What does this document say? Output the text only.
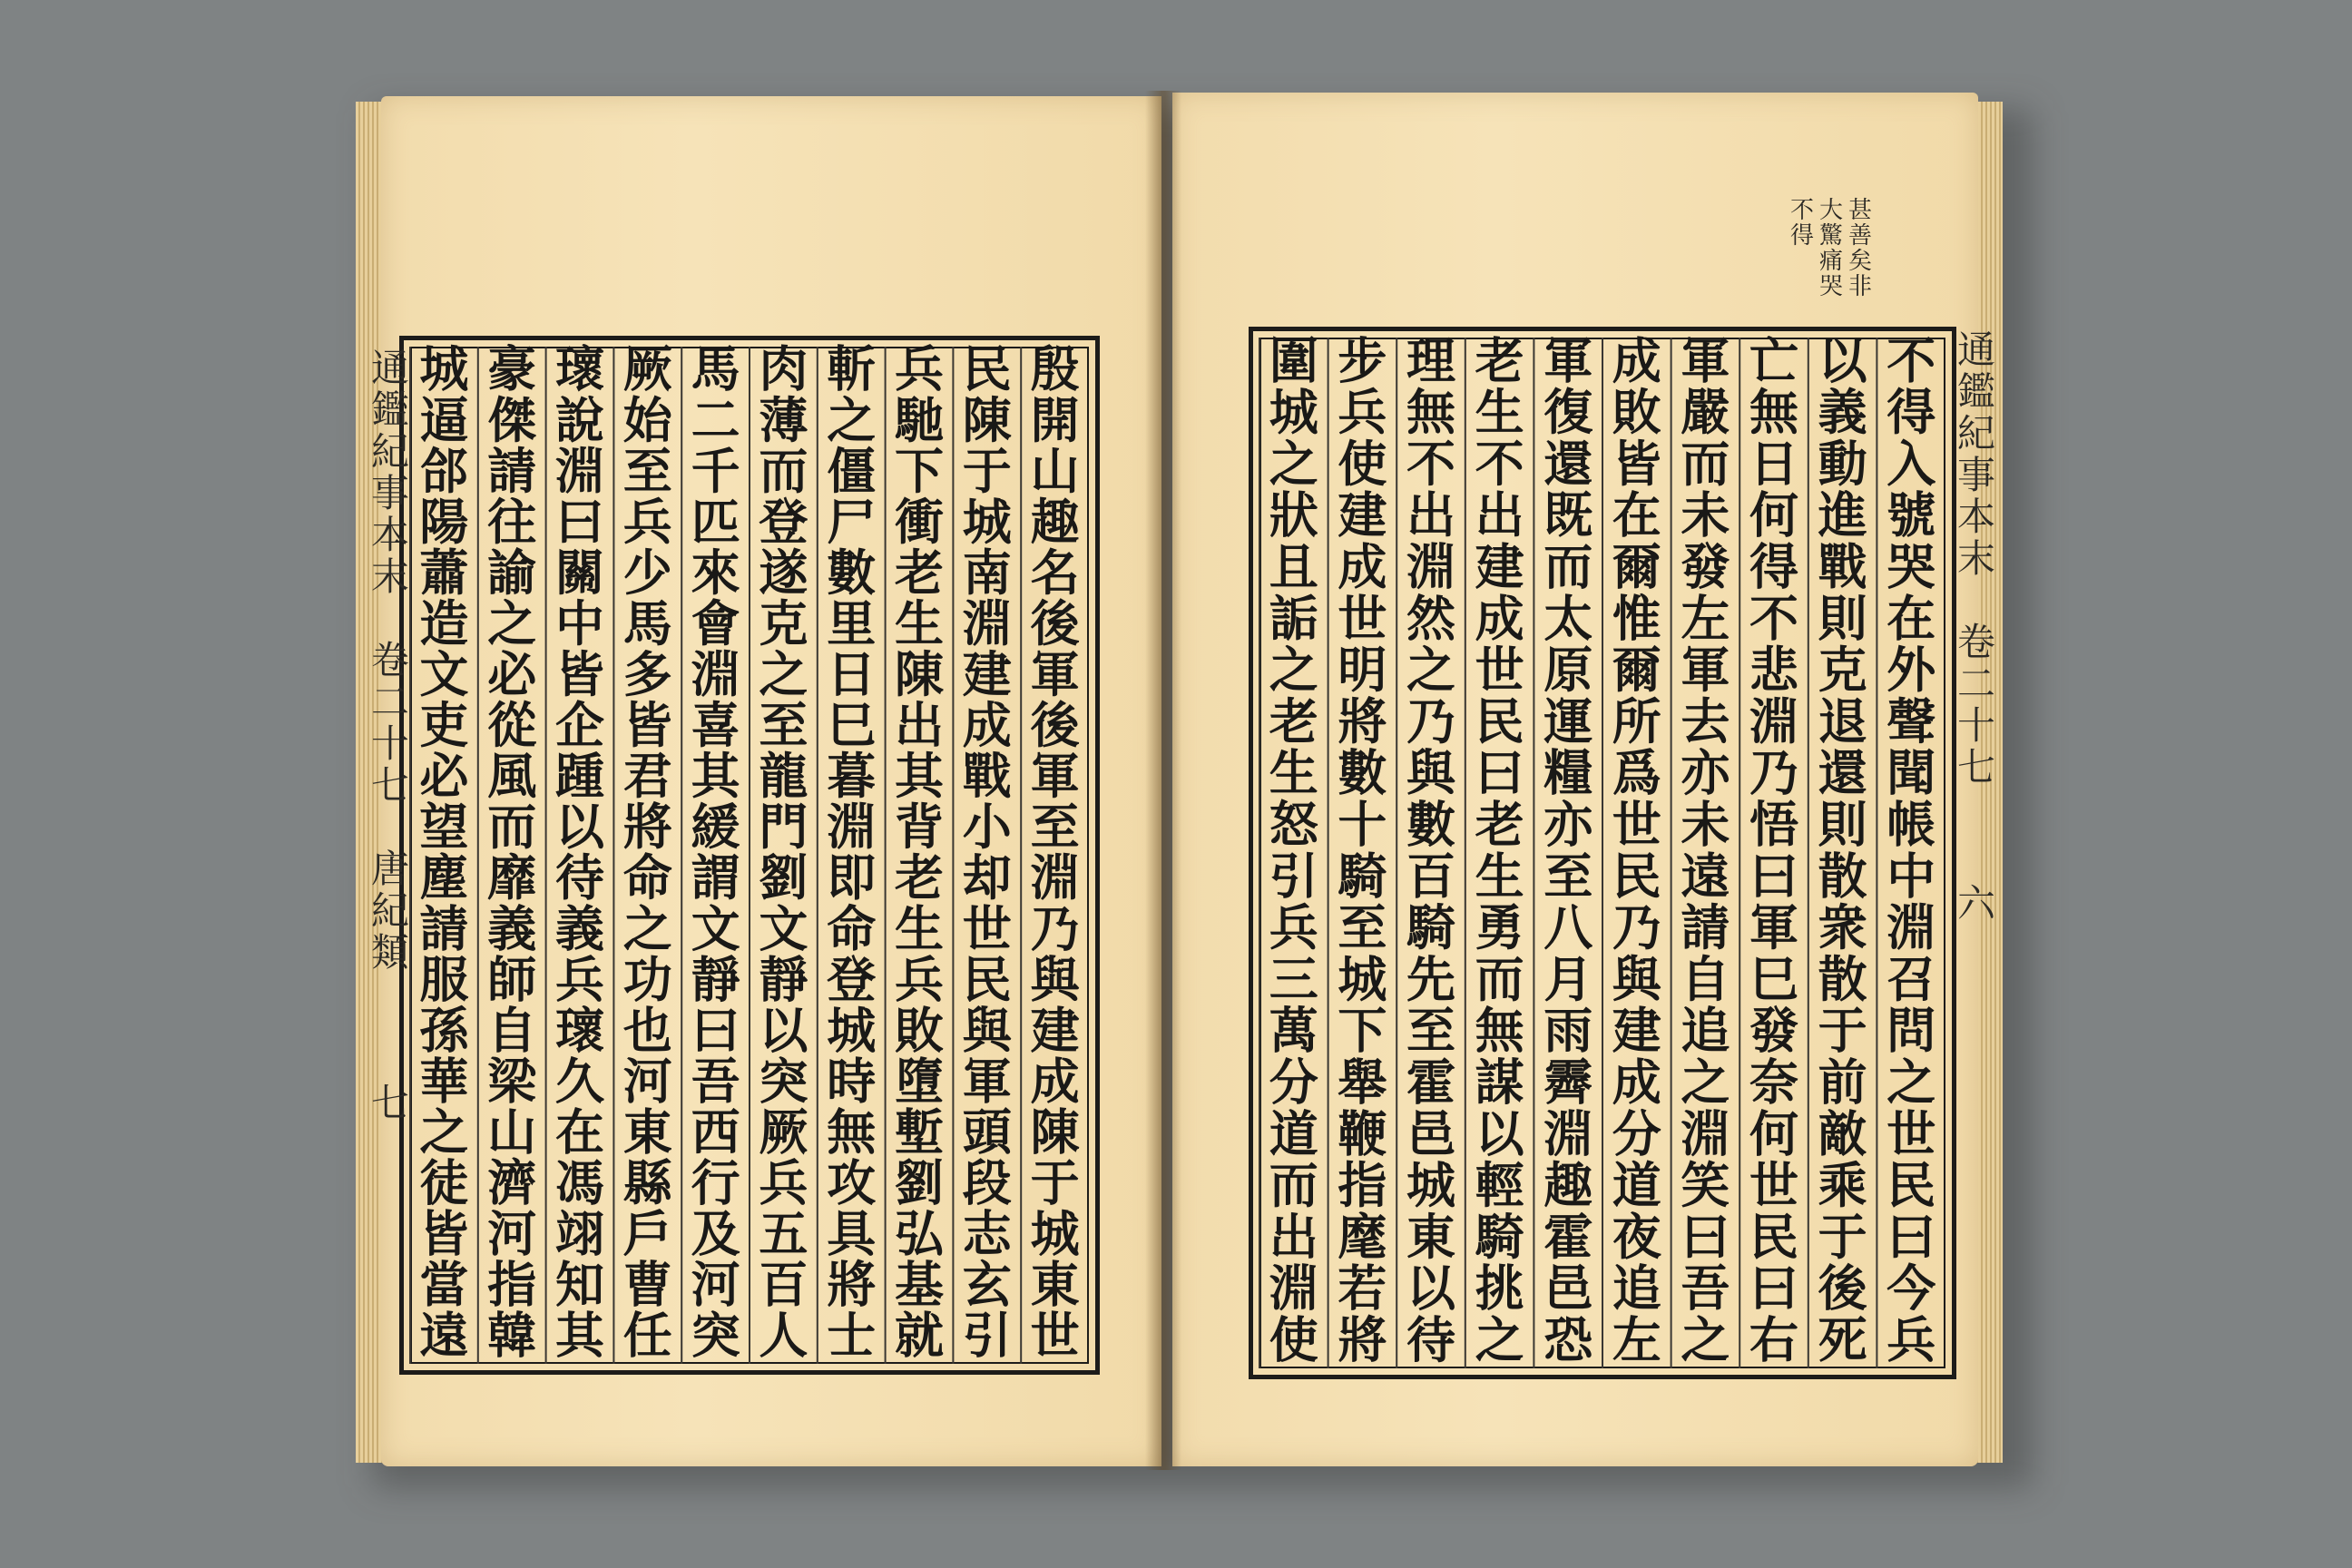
殷
開
山
趣
名
後
軍
後
軍
至
淵
乃
與
建
成
陳
于
城
東
世
民
陳
于
城
南
淵
建
成
戰
小
却
世
民
與
軍
頭
段
志
玄
引
兵
馳
下
衝
老
生
陳
出
其
背
老
生
兵
敗
墮
塹
劉
弘
基
就
斬
之
僵
尸
數
里
日
巳
暮
淵
即
命
登
城
時
無
攻
具
將
士
肉
薄
而
登
遂
克
之
至
龍
門
劉
文
靜
以
突
厥
兵
五
百
人
馬
二
千
匹
來
會
淵
喜
其
緩
謂
文
靜
曰
吾
西
行
及
河
突
厥
始
至
兵
少
馬
多
皆
君
將
命
之
功
也
河
東
縣
戶
曹
任
瓌
說
淵
曰
關
中
皆
企
踵
以
待
義
兵
瓌
久
在
馮
翊
知
其
豪
傑
請
往
諭
之
必
從
風
而
靡
義
師
自
梁
山
濟
河
指
韓
城
逼
郃
陽
蕭
造
文
吏
必
望
塵
請
服
孫
華
之
徒
皆
當
遠
不
得
入
號
哭
在
外
聲
聞
帳
中
淵
召
問
之
世
民
曰
今
兵
以
義
動
進
戰
則
克
退
還
則
散
衆
散
于
前
敵
乘
于
後
死
亡
無
日
何
得
不
悲
淵
乃
悟
曰
軍
巳
發
奈
何
世
民
曰
右
軍
嚴
而
未
發
左
軍
去
亦
未
遠
請
自
追
之
淵
笑
曰
吾
之
成
敗
皆
在
爾
惟
爾
所
爲
世
民
乃
與
建
成
分
道
夜
追
左
軍
復
還
既
而
太
原
運
糧
亦
至
八
月
雨
霽
淵
趣
霍
邑
恐
老
生
不
出
建
成
世
民
曰
老
生
勇
而
無
謀
以
輕
騎
挑
之
理
無
不
出
淵
然
之
乃
與
數
百
騎
先
至
霍
邑
城
東
以
待
步
兵
使
建
成
世
明
將
數
十
騎
至
城
下
舉
鞭
指
麾
若
將
圍
城
之
狀
且
詬
之
老
生
怒
引
兵
三
萬
分
道
而
出
淵
使
通
鑑
紀
事
本
末
卷
二
十
七
唐
紀
類
七
通
鑑
紀
事
本
末
卷
二
十
七
六
甚
善
矣
非
大
驚
痛
哭
不
得
